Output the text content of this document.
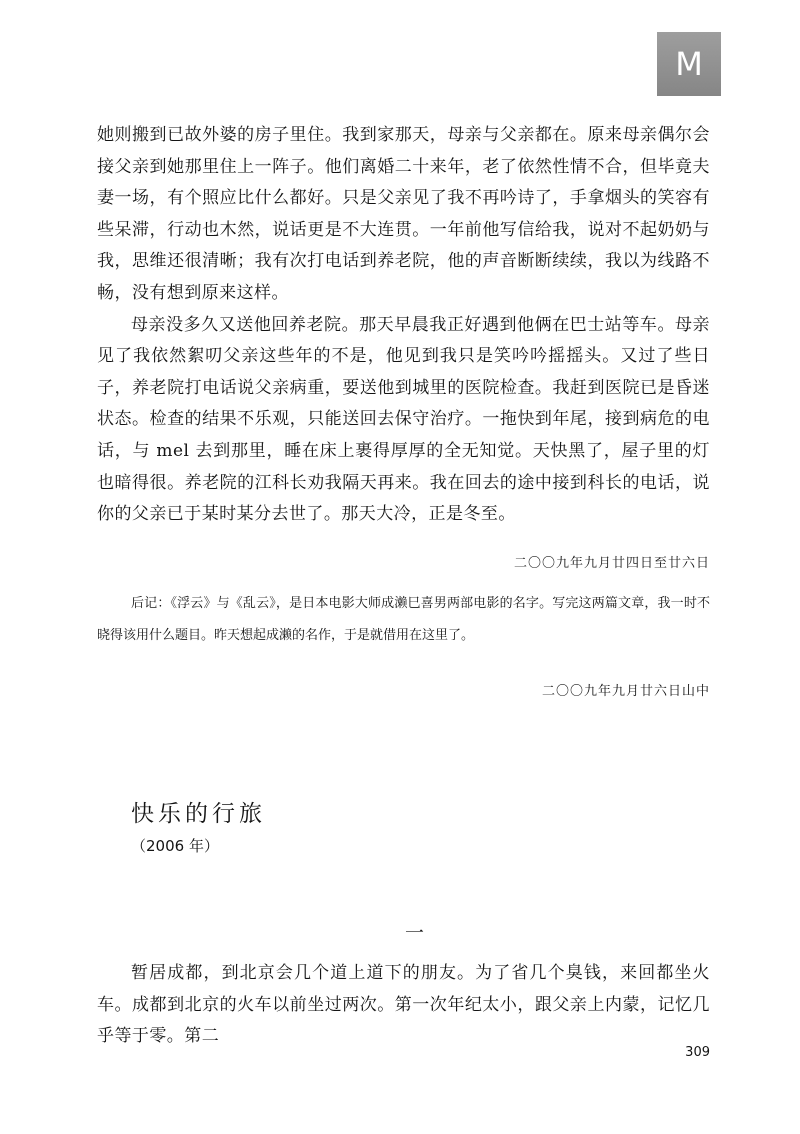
M

她则搬到已故外婆的房子里住。我到家那天，母亲与父亲都在。原来母亲偶尔会接父亲到她那里住上一阵子。他们离婚二十来年，老了依然性情不合，但毕竟夫妻一场，有个照应比什么都好。只是父亲见了我不再吟诗了，手拿烟头的笑容有些呆滞，行动也木然，说话更是不大连贯。一年前他写信给我，说对不起奶奶与我，思维还很清晰；我有次打电话到养老院，他的声音断断续续，我以为线路不畅，没有想到原来这样。

母亲没多久又送他回养老院。那天早晨我正好遇到他俩在巴士站等车。母亲见了我依然絮叨父亲这些年的不是，他见到我只是笑吟吟摇摇头。又过了些日子，养老院打电话说父亲病重，要送他到城里的医院检查。我赶到医院已是昏迷状态。检查的结果不乐观，只能送回去保守治疗。一拖快到年尾，接到病危的电话，与 mel 去到那里，睡在床上裹得厚厚的全无知觉。天快黑了，屋子里的灯也暗得很。养老院的江科长劝我隔天再来。我在回去的途中接到科长的电话，说你的父亲已于某时某分去世了。那天大冷，正是冬至。

二〇〇九年九月廿四日至廿六日
后记：《浮云》与《乱云》，是日本电影大师成濑巳喜男两部电影的名字。写完这两篇文章，我一时不晓得该用什么题目。昨天想起成濑的名作，于是就借用在这里了。
二〇〇九年九月廿六日山中
快乐的行旅
（2006 年）
一

暂居成都，到北京会几个道上道下的朋友。为了省几个臭钱，来回都坐火车。成都到北京的火车以前坐过两次。第一次年纪太小，跟父亲上内蒙，记忆几乎等于零。第二

309
